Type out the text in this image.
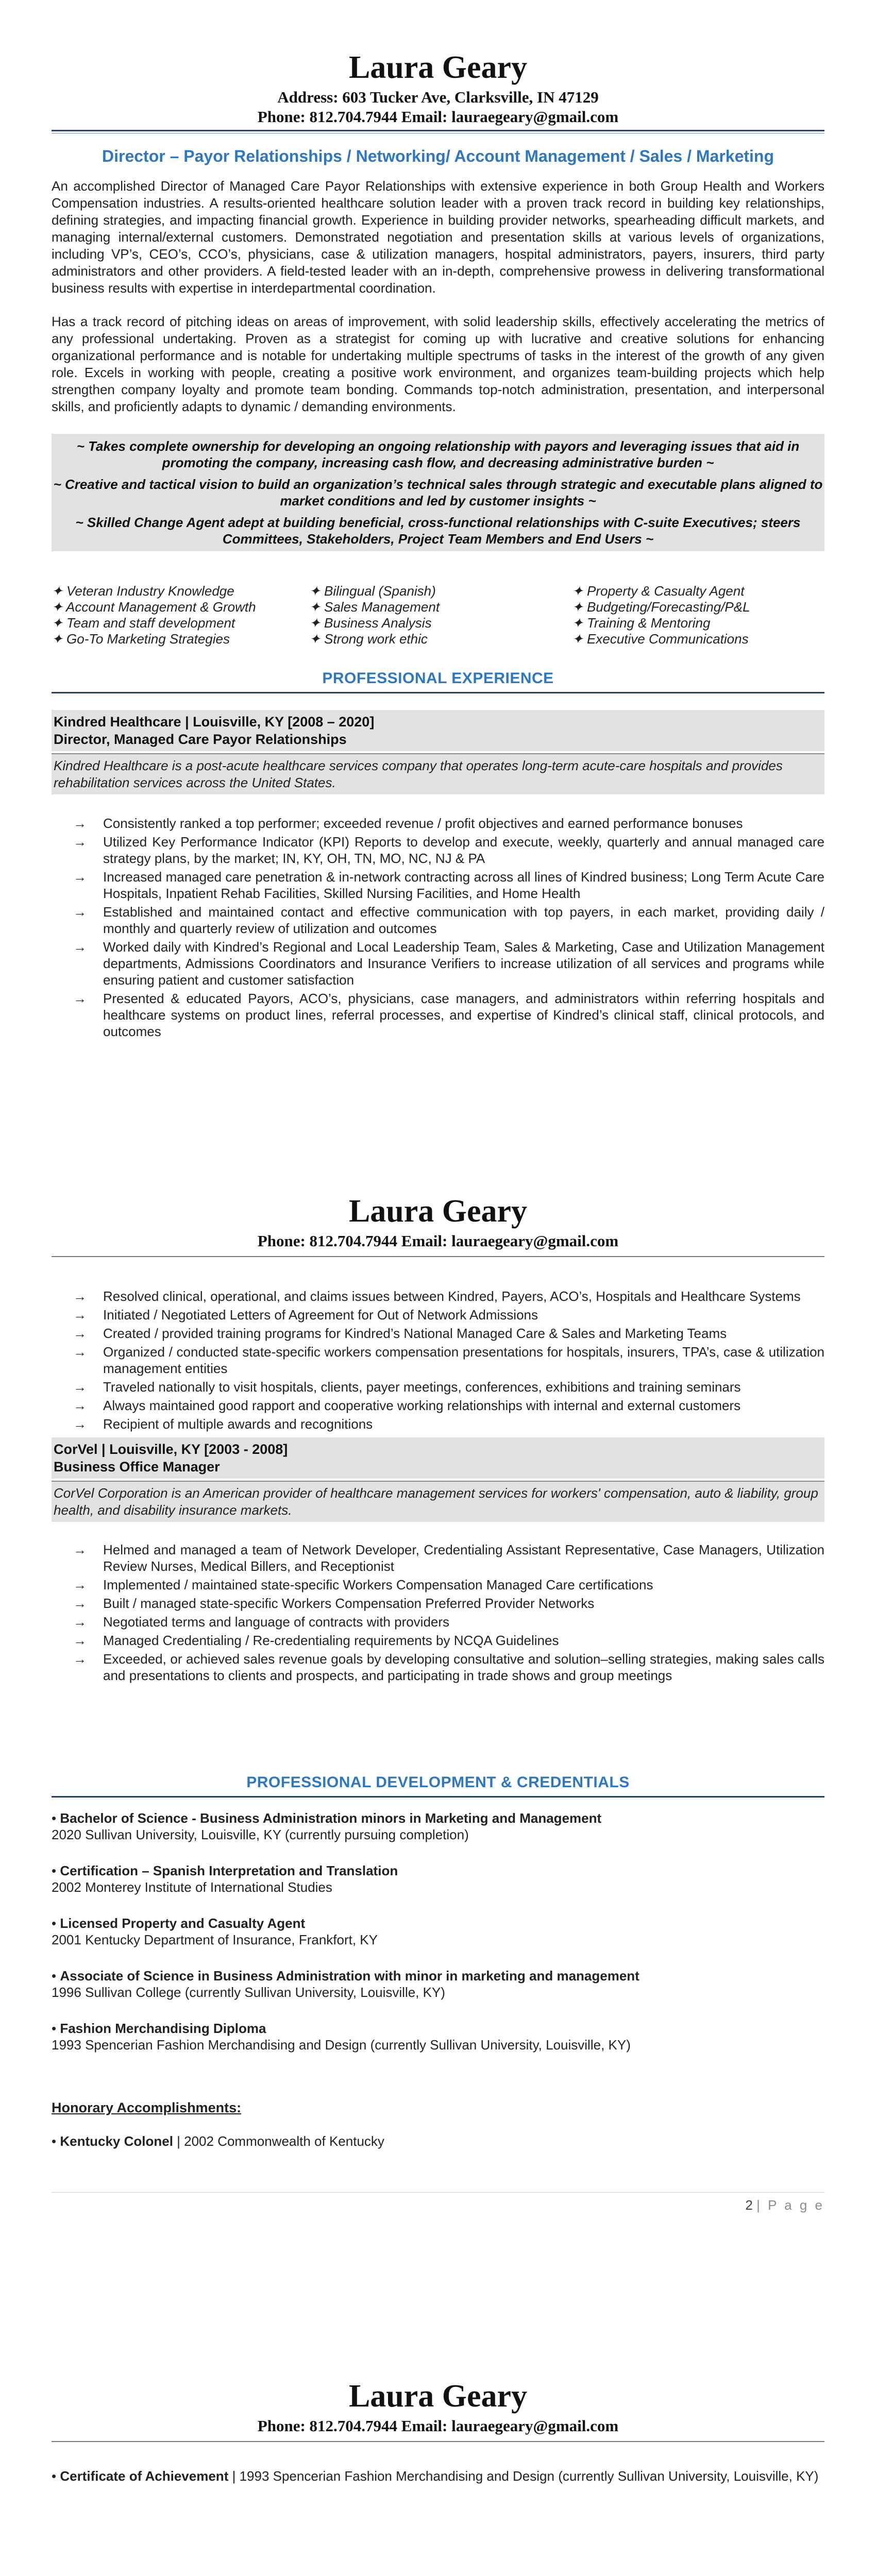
Laura Geary
Address: 603 Tucker Ave, Clarksville, IN 47129
Phone: 812.704.7944 Email: lauraegeary@gmail.com
Director – Payor Relationships / Networking/ Account Management / Sales / Marketing

An accomplished Director of Managed Care Payor Relationships with extensive experience in both Group Health and Workers Compensation industries. A results-oriented healthcare solution leader with a proven track record in building key relationships, defining strategies, and impacting financial growth. Experience in building provider networks, spearheading difficult markets, and managing internal/external customers. Demonstrated negotiation and presentation skills at various levels of organizations, including VP’s, CEO’s, CCO’s, physicians, case & utilization managers, hospital administrators, payers, insurers, third party administrators and other providers. A field-tested leader with an in-depth, comprehensive prowess in delivering transformational business results with expertise in interdepartmental coordination.

Has a track record of pitching ideas on areas of improvement, with solid leadership skills, effectively accelerating the metrics of any professional undertaking. Proven as a strategist for coming up with lucrative and creative solutions for enhancing organizational performance and is notable for undertaking multiple spectrums of tasks in the interest of the growth of any given role. Excels in working with people, creating a positive work environment, and organizes team-building projects which help strengthen company loyalty and promote team bonding. Commands top-notch administration, presentation, and interpersonal skills, and proficiently adapts to dynamic / demanding environments.

~ Takes complete ownership for developing an ongoing relationship with payors and leveraging issues that aid in promoting the company, increasing cash flow, and decreasing administrative burden ~

~ Creative and tactical vision to build an organization’s technical sales through strategic and executable plans aligned to market conditions and led by customer insights ~

~ Skilled Change Agent adept at building beneficial, cross-functional relationships with C-suite Executives; steers Committees, Stakeholders, Project Team Members and End Users ~

✦ Veteran Industry Knowledge	✦ Bilingual (Spanish)	✦ Property & Casualty Agent
✦ Account Management & Growth	✦ Sales Management	✦ Budgeting/Forecasting/P&L
✦ Team and staff development	✦ Business Analysis	✦ Training & Mentoring
✦ Go-To Marketing Strategies	✦ Strong work ethic	✦ Executive Communications
PROFESSIONAL EXPERIENCE
Kindred Healthcare | Louisville, KY [2008 – 2020]
Director, Managed Care Payor Relationships
Kindred Healthcare is a post-acute healthcare services company that operates long-term acute-care hospitals and provides rehabilitation services across the United States.
→ Consistently ranked a top performer; exceeded revenue / profit objectives and earned performance bonuses
→ Utilized Key Performance Indicator (KPI) Reports to develop and execute, weekly, quarterly and annual managed care strategy plans, by the market; IN, KY, OH, TN, MO, NC, NJ & PA
→ Increased managed care penetration & in-network contracting across all lines of Kindred business; Long Term Acute Care Hospitals, Inpatient Rehab Facilities, Skilled Nursing Facilities, and Home Health
→ Established and maintained contact and effective communication with top payers, in each market, providing daily / monthly and quarterly review of utilization and outcomes
→ Worked daily with Kindred’s Regional and Local Leadership Team, Sales & Marketing, Case and Utilization Management departments, Admissions Coordinators and Insurance Verifiers to increase utilization of all services and programs while ensuring patient and customer satisfaction
→ Presented & educated Payors, ACO’s, physicians, case managers, and administrators within referring hospitals and healthcare systems on product lines, referral processes, and expertise of Kindred’s clinical staff, clinical protocols, and outcomes
Laura Geary
Phone: 812.704.7944 Email: lauraegeary@gmail.com
→ Resolved clinical, operational, and claims issues between Kindred, Payers, ACO’s, Hospitals and Healthcare Systems
→ Initiated / Negotiated Letters of Agreement for Out of Network Admissions
→ Created / provided training programs for Kindred’s National Managed Care & Sales and Marketing Teams
→ Organized / conducted state-specific workers compensation presentations for hospitals, insurers, TPA’s, case & utilization management entities
→ Traveled nationally to visit hospitals, clients, payer meetings, conferences, exhibitions and training seminars
→ Always maintained good rapport and cooperative working relationships with internal and external customers
→ Recipient of multiple awards and recognitions
CorVel | Louisville, KY [2003 - 2008]
Business Office Manager
CorVel Corporation is an American provider of healthcare management services for workers' compensation, auto & liability, group health, and disability insurance markets.
→ Helmed and managed a team of Network Developer, Credentialing Assistant Representative, Case Managers, Utilization Review Nurses, Medical Billers, and Receptionist
→ Implemented / maintained state-specific Workers Compensation Managed Care certifications
→ Built / managed state-specific Workers Compensation Preferred Provider Networks
→ Negotiated terms and language of contracts with providers
→ Managed Credentialing / Re-credentialing requirements by NCQA Guidelines
→ Exceeded, or achieved sales revenue goals by developing consultative and solution–selling strategies, making sales calls and presentations to clients and prospects, and participating in trade shows and group meetings
PROFESSIONAL DEVELOPMENT & CREDENTIALS
• Bachelor of Science - Business Administration minors in Marketing and Management
2020 Sullivan University, Louisville, KY (currently pursuing completion)
• Certification – Spanish Interpretation and Translation
2002 Monterey Institute of International Studies
• Licensed Property and Casualty Agent
2001 Kentucky Department of Insurance, Frankfort, KY
• Associate of Science in Business Administration with minor in marketing and management
1996 Sullivan College (currently Sullivan University, Louisville, KY)
• Fashion Merchandising Diploma
1993 Spencerian Fashion Merchandising and Design (currently Sullivan University, Louisville, KY)
Honorary Accomplishments:
• Kentucky Colonel | 2002 Commonwealth of Kentucky
2 | P a g e
Laura Geary
Phone: 812.704.7944 Email: lauraegeary@gmail.com
• Certificate of Achievement | 1993 Spencerian Fashion Merchandising and Design (currently Sullivan University, Louisville, KY)
